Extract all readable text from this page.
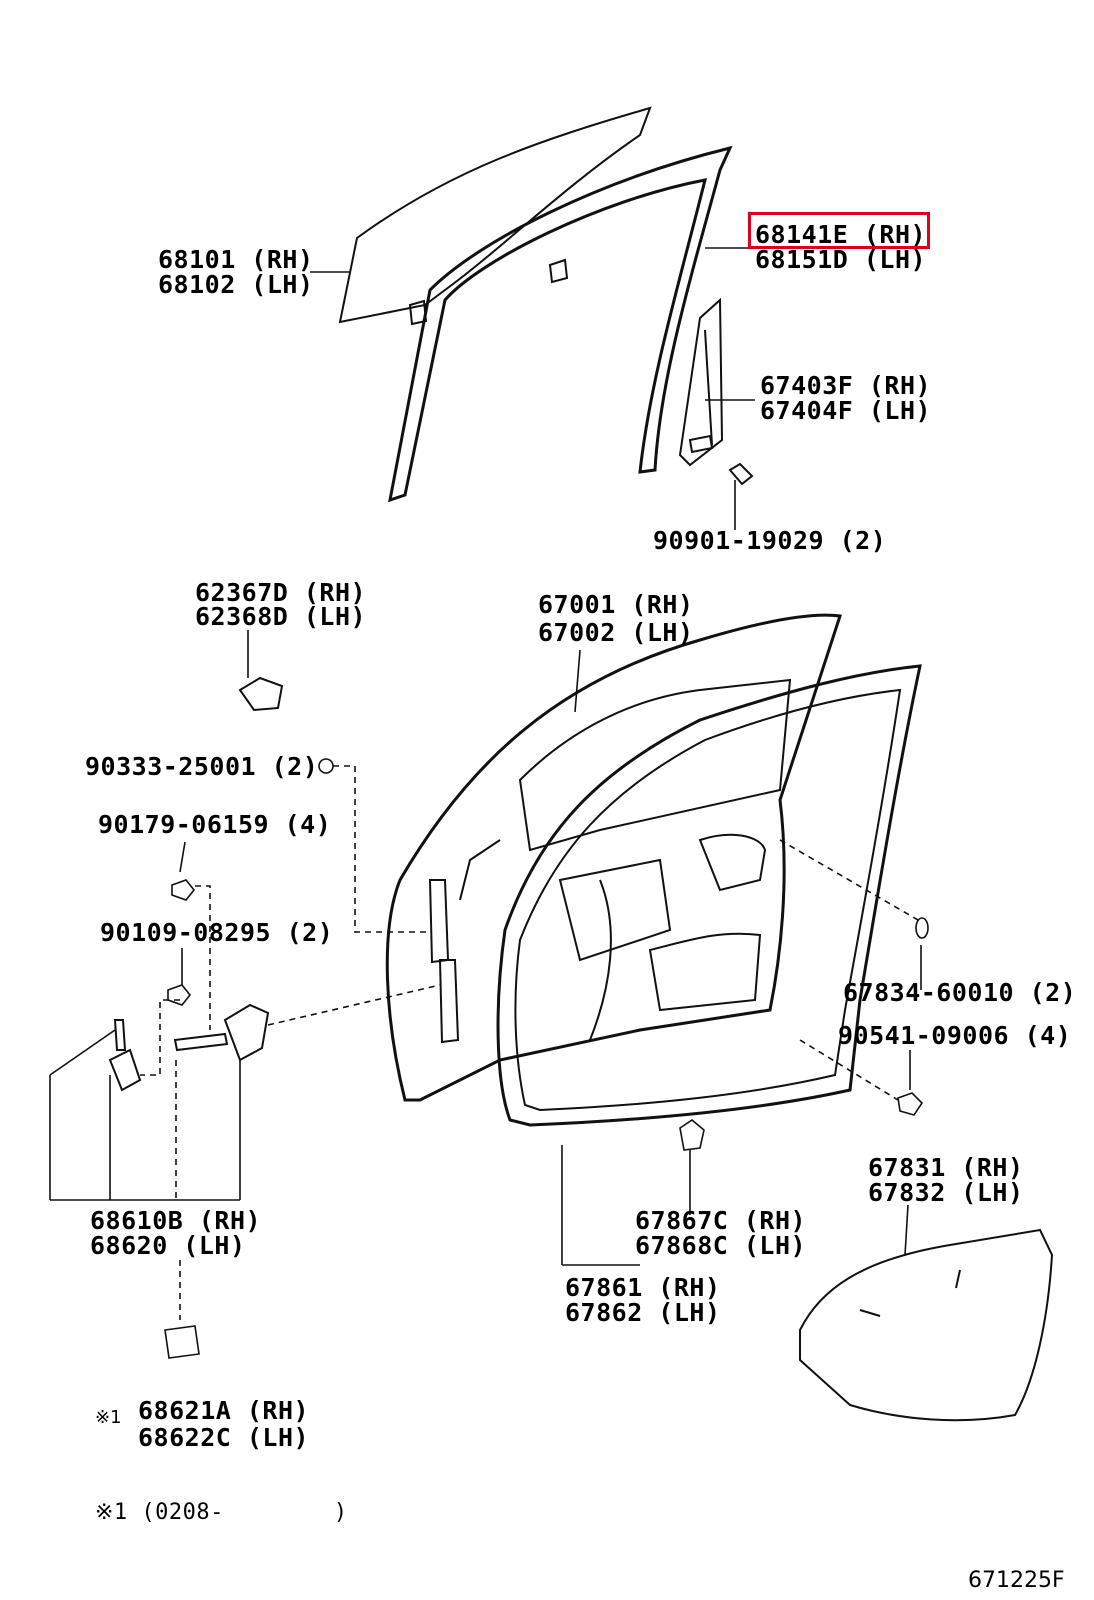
68101 (RH)
68102 (LH)
68141E (RH)
68151D (LH)
67403F (RH)
67404F (LH)
90901-19029 (2)
62367D (RH)
62368D (LH)	67001 (RH)
67002 (LH)
90333-25001 (2)
90179-06159 (4)
90109-08295 (2)
67834-60010 (2)
90541-09006 (4)
68610B (RH)
68620 (LH)
67867C (RH)
67868C (LH)
67861 (RH)
67862 (LH)
67831 (RH)
67832 (LH)
※1 68621A (RH)
68622C (LH)
※1 (0208-        )
671225F
